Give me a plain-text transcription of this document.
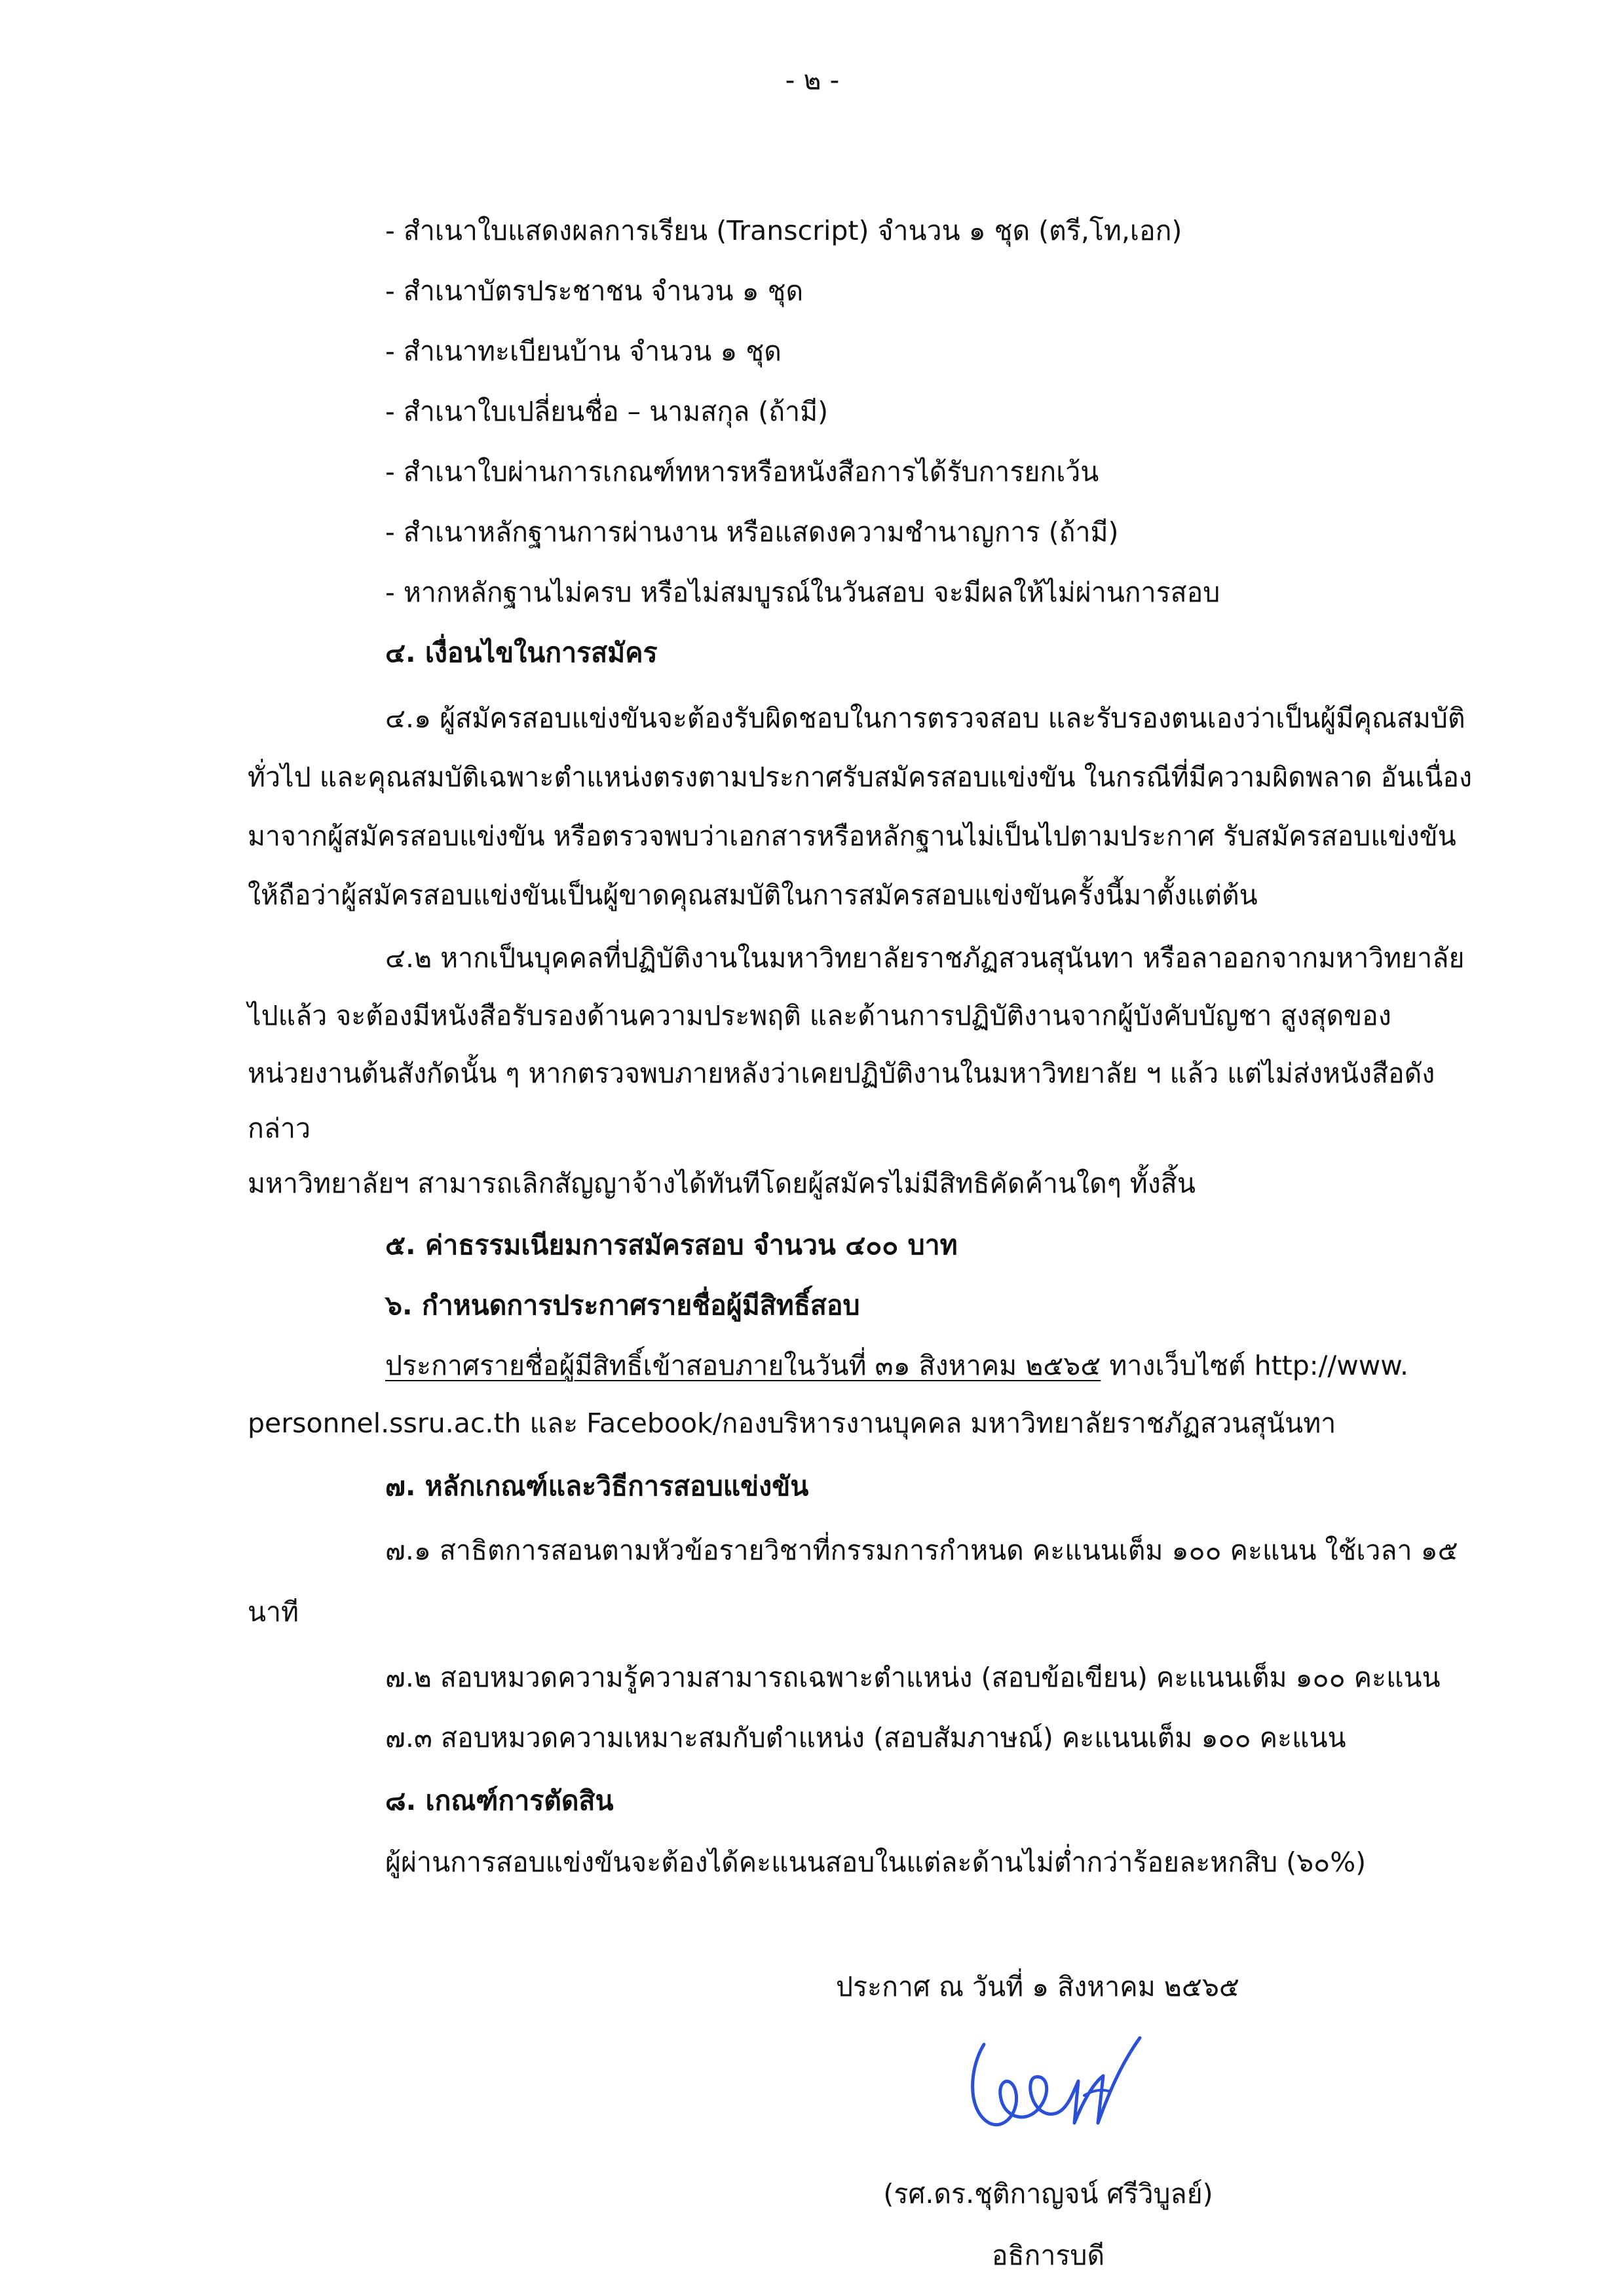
- ๒ -
- สำเนาใบแสดงผลการเรียน (Transcript) จำนวน ๑ ชุด (ตรี,โท,เอก)
- สำเนาบัตรประชาชน จำนวน ๑ ชุด
- สำเนาทะเบียนบ้าน จำนวน ๑ ชุด
- สำเนาใบเปลี่ยนชื่อ – นามสกุล (ถ้ามี)
- สำเนาใบผ่านการเกณฑ์ทหารหรือหนังสือการได้รับการยกเว้น
- สำเนาหลักฐานการผ่านงาน หรือแสดงความชำนาญการ (ถ้ามี)
- หากหลักฐานไม่ครบ หรือไม่สมบูรณ์ในวันสอบ จะมีผลให้ไม่ผ่านการสอบ
๔. เงื่อนไขในการสมัคร
๔.๑ ผู้สมัครสอบแข่งขันจะต้องรับผิดชอบในการตรวจสอบ และรับรองตนเองว่าเป็นผู้มีคุณสมบัติ
ทั่วไป และคุณสมบัติเฉพาะตำแหน่งตรงตามประกาศรับสมัครสอบแข่งขัน ในกรณีที่มีความผิดพลาด อันเนื่อง
มาจากผู้สมัครสอบแข่งขัน หรือตรวจพบว่าเอกสารหรือหลักฐานไม่เป็นไปตามประกาศ รับสมัครสอบแข่งขัน
ให้ถือว่าผู้สมัครสอบแข่งขันเป็นผู้ขาดคุณสมบัติในการสมัครสอบแข่งขันครั้งนี้มาตั้งแต่ต้น
๔.๒ หากเป็นบุคคลที่ปฏิบัติงานในมหาวิทยาลัยราชภัฏสวนสุนันทา หรือลาออกจากมหาวิทยาลัย
ไปแล้ว จะต้องมีหนังสือรับรองด้านความประพฤติ และด้านการปฏิบัติงานจากผู้บังคับบัญชา สูงสุดของ
หน่วยงานต้นสังกัดนั้น ๆ หากตรวจพบภายหลังว่าเคยปฏิบัติงานในมหาวิทยาลัย ฯ แล้ว แต่ไม่ส่งหนังสือดัง
กล่าว
มหาวิทยาลัยฯ สามารถเลิกสัญญาจ้างได้ทันทีโดยผู้สมัครไม่มีสิทธิคัดค้านใดๆ ทั้งสิ้น
๕. ค่าธรรมเนียมการสมัครสอบ จำนวน ๔๐๐ บาท
๖. กำหนดการประกาศรายชื่อผู้มีสิทธิ์สอบ
ประกาศรายชื่อผู้มีสิทธิ์เข้าสอบภายในวันที่ ๓๑ สิงหาคม ๒๕๖๕ ทางเว็บไซต์ http://www.
personnel.ssru.ac.th และ Facebook/กองบริหารงานบุคคล มหาวิทยาลัยราชภัฏสวนสุนันทา
๗. หลักเกณฑ์และวิธีการสอบแข่งขัน
๗.๑ สาธิตการสอนตามหัวข้อรายวิชาที่กรรมการกำหนด คะแนนเต็ม ๑๐๐ คะแนน ใช้เวลา ๑๕
นาที
๗.๒ สอบหมวดความรู้ความสามารถเฉพาะตำแหน่ง (สอบข้อเขียน) คะแนนเต็ม ๑๐๐ คะแนน
๗.๓ สอบหมวดความเหมาะสมกับตำแหน่ง (สอบสัมภาษณ์) คะแนนเต็ม ๑๐๐ คะแนน
๘. เกณฑ์การตัดสิน
ผู้ผ่านการสอบแข่งขันจะต้องได้คะแนนสอบในแต่ละด้านไม่ต่ำกว่าร้อยละหกสิบ (๖๐%)
ประกาศ ณ วันที่ ๑ สิงหาคม ๒๕๖๕
(รศ.ดร.ชุติกาญจน์ ศรีวิบูลย์)
อธิการบดี
